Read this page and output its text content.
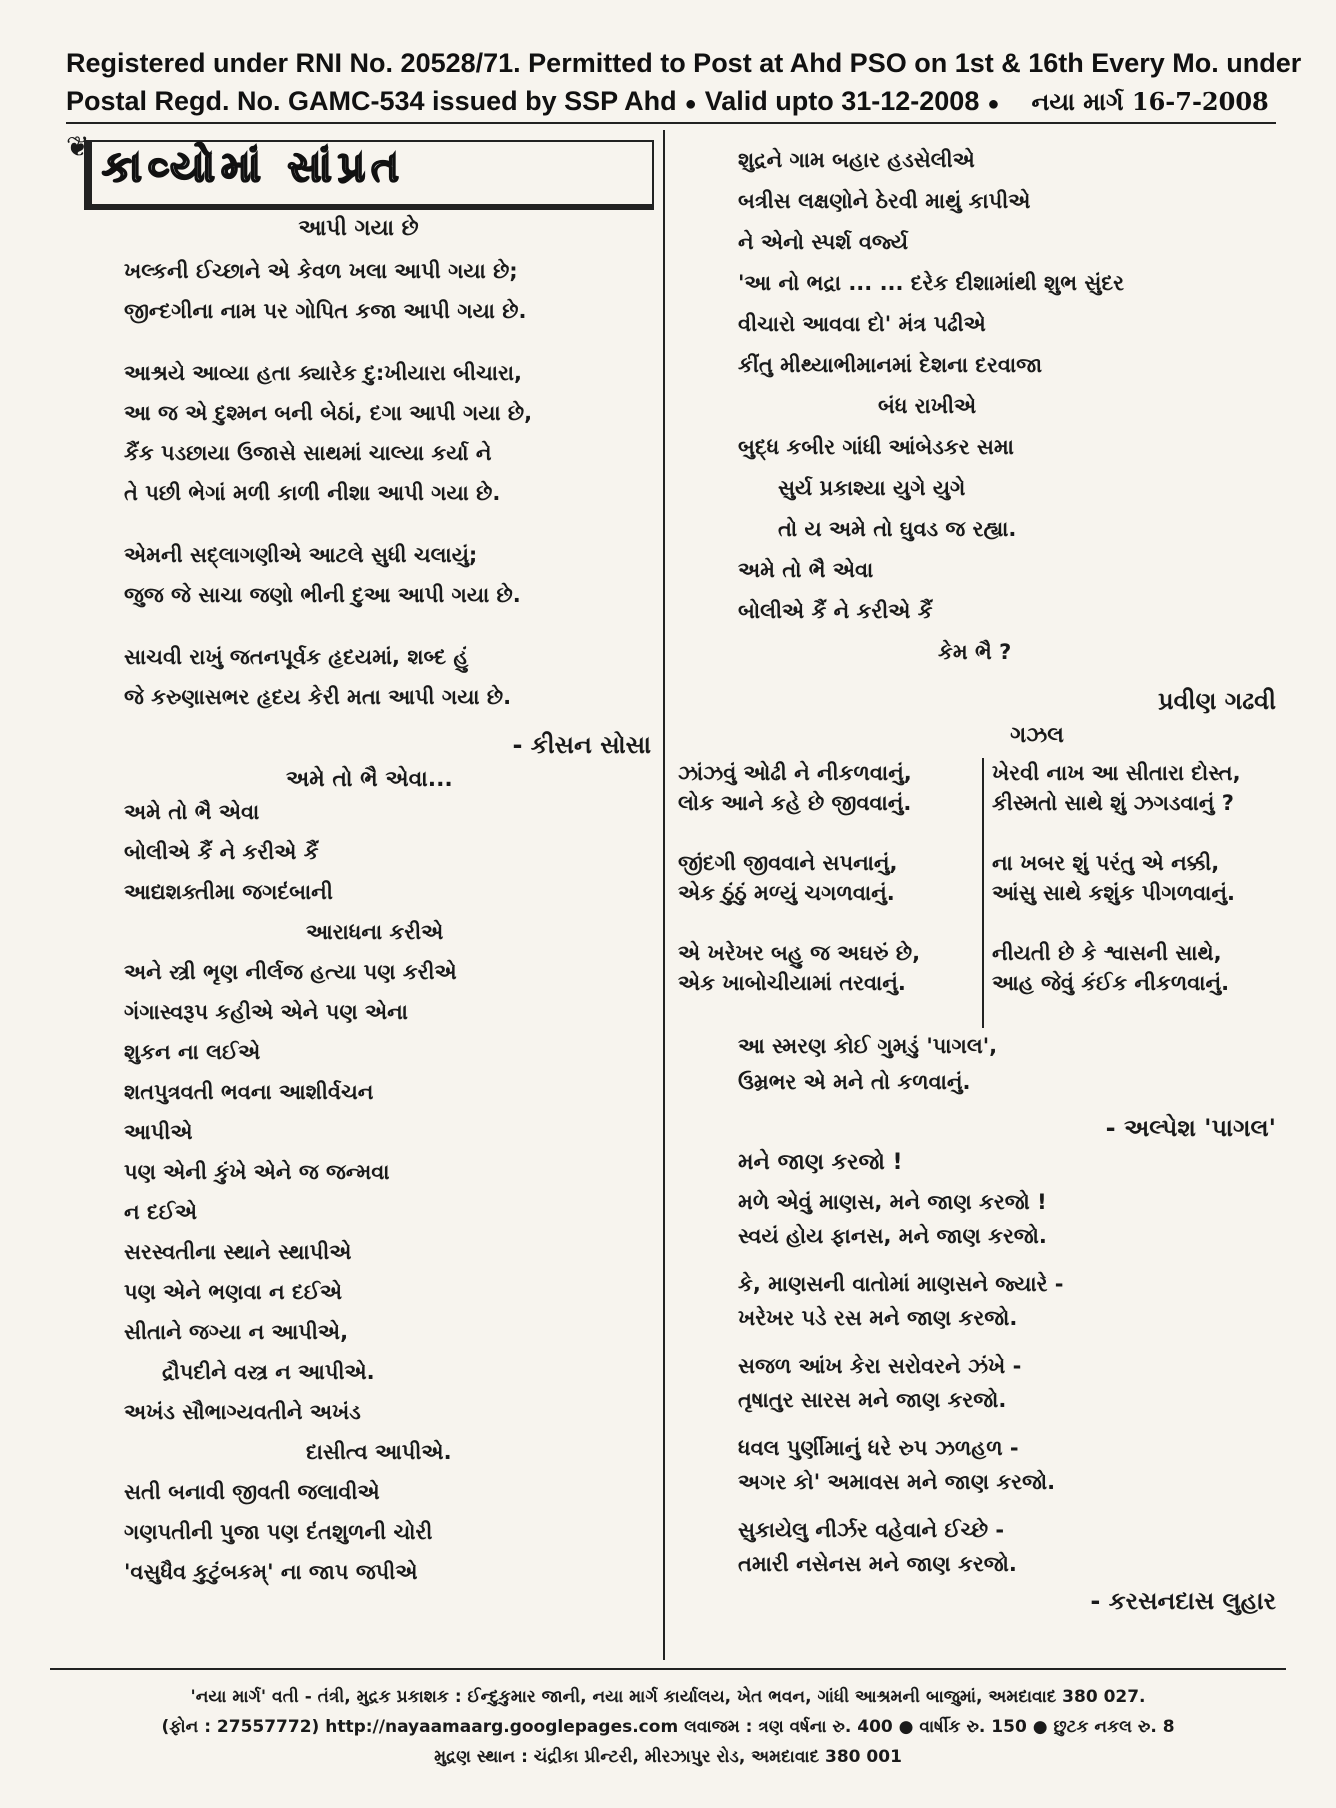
Registered under RNI No. 20528/71. Permitted to Post at Ahd PSO on 1st & 16th Every Mo. under
Postal Regd. No. GAMC-534 issued by SSP Ahd ● Valid upto 31-12-2008 ● નયા માર્ગ 16-7-2008
❦ કાવ્યોમાં સાંપ્રત
આપી ગયા છે
ખલ્કની ઈચ્છાને એ કેવળ ખલા આપી ગયા છે;
જીન્દગીના નામ પર ગોપિત કજા આપી ગયા છે.
આશ્રયે આવ્યા હતા ક્યારેક દુ:ખીયારા બીચારા,
આ જ એ દુશ્મન બની બેઠાં, દગા આપી ગયા છે,
કૈંક પડછાયા ઉજાસે સાથમાં ચાલ્યા કર્યા ને
તે પછી ભેગાં મળી કાળી નીશા આપી ગયા છે.
એમની સદ્‌લાગણીએ આટલે સુધી ચલાયું;
જુજ જે સાચા જણો ભીની દુઆ આપી ગયા છે.
સાચવી રાખું જતનપૂર્વક હૃદયમાં, શબ્દ હું
જે કરુણાસભર હૃદય કેરી મતા આપી ગયા છે.
- કીસન સોસા
અમે તો ભૈ એવા...
અમે તો ભૈ એવા
બોલીએ કૈં ને કરીએ કૈં
આદ્યશક્તીમા જગદંબાની
આરાધના કરીએ
અને સ્ત્રી ભૃણ નીર્લજ હત્યા પણ કરીએ
ગંગાસ્વરૂપ કહીએ એને પણ એના
શુકન ના લઈએ
શતપુત્રવતી ભવના આશીર્વચન
આપીએ
પણ એની કુંખે એને જ જન્મવા
ન દઈએ
સરસ્વતીના સ્થાને સ્થાપીએ
પણ એને ભણવા ન દઈએ
સીતાને જગ્યા ન આપીએ,
દ્રૌપદીને વસ્ત્ર ન આપીએ.
અખંડ સૌભાગ્યવતીને અખંડ
દાસીત્વ આપીએ.
સતી બનાવી જીવતી જલાવીએ
ગણપતીની પુજા પણ દંતશુળની ચોરી
'વસુધૈવ કુટુંબકમ્' ના જાપ જપીએ
શુદ્રને ગામ બહાર હડસેલીએ
બત્રીસ લક્ષણોને ઠેરવી માથું કાપીએ
ને એનો સ્પર્શ વર્જ્ય
'આ નો ભદ્રા ... ... દરેક દીશામાંથી શુભ સુંદર
વીચારો આવવા દો' મંત્ર પઢીએ
કીંતુ મીથ્યાભીમાનમાં દેશના દરવાજા
બંધ રાખીએ
બુદ્ધ કબીર ગાંધી આંબેડકર સમા
સુર્ય પ્રકાશ્યા યુગે યુગે
તો ય અમે તો ઘુવડ જ રહ્યા.
અમે તો ભૈ એવા
બોલીએ કૈં ને કરીએ કૈં
કેમ ભૈ ?
પ્રવીણ ગઢવી
ગઝલ
ઝાંઝવું ઓઢી ને નીકળવાનું,
લોક આને કહે છે જીવવાનું.
જીંદગી જીવવાને સપનાનું,
એક ઠુંઠું મળ્યું ચગળવાનું.
એ ખરેખર બહુ જ અઘરું છે,
એક ખાબોચીયામાં તરવાનું.
ખેરવી નાખ આ સીતારા દોસ્ત,
કીસ્મતો સાથે શું ઝગડવાનું ?
ના ખબર શું પરંતુ એ નક્કી,
આંસુ સાથે કશુંક પીગળવાનું.
નીયતી છે કે શ્વાસની સાથે,
આહ જેવું કંઈક નીકળવાનું.
આ સ્મરણ કોઈ ગુમડું 'પાગલ',
ઉમ્રભર એ મને તો કળવાનું.
- અલ્પેશ 'પાગલ'
મને જાણ કરજો !
મળે એવું માણસ, મને જાણ કરજો !
સ્વયં હોય ફાનસ, મને જાણ કરજો.
કે, માણસની વાતોમાં માણસને જ્યારે -
ખરેખર પડે રસ મને જાણ કરજો.
સજળ આંખ કેરા સરોવરને ઝંખે -
તૃષાતુર સારસ મને જાણ કરજો.
ધવલ પુર્ણીમાનું ધરે રુપ ઝળહળ -
અગર કો' અમાવસ મને જાણ કરજો.
સુકાયેલુ નીર્ઝર વહેવાને ઈચ્છે -
તમારી નસેનસ મને જાણ કરજો.
- કરસનદાસ લુહાર
'નયા માર્ગ' વતી - તંત્રી, મુદ્રક પ્રકાશક : ઈન્દુકુમાર જાની, નયા માર્ગ કાર્યાલય, ખેત ભવન, ગાંધી આશ્રમની બાજુમાં, અમદાવાદ 380 027.
(ફોન : 27557772) http://nayaamaarg.googlepages.com લવાજમ : ત્રણ વર્ષના રુ. 400 ● વાર્ષીક રુ. 150 ● છુટક નકલ રુ. 8
મુદ્રણ સ્થાન : ચંદ્રીકા પ્રીન્ટરી, મીરઝાપુર રોડ, અમદાવાદ 380 001
